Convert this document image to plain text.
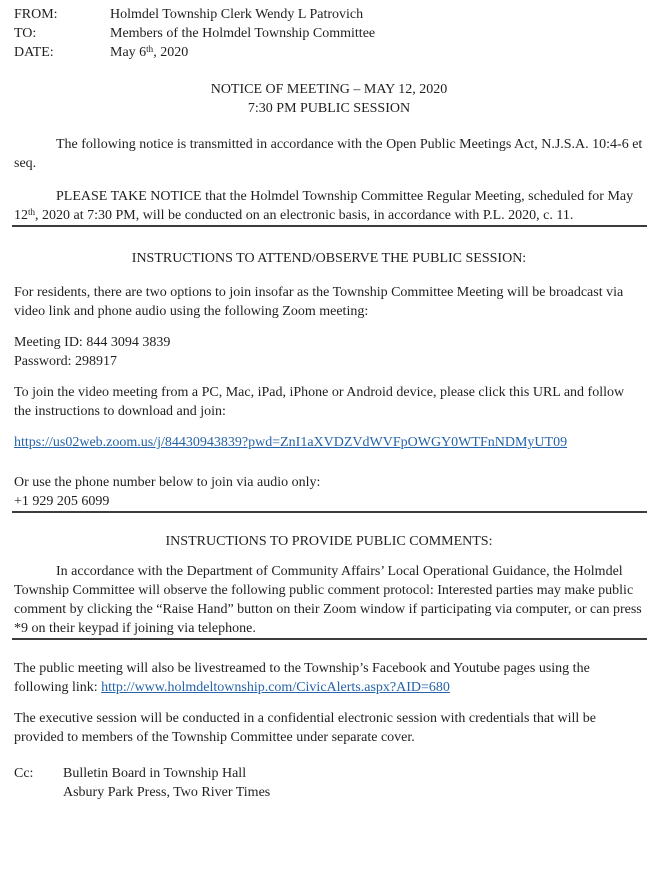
FROM:	Holmdel Township Clerk Wendy L Patrovich
TO:	Members of the Holmdel Township Committee
DATE:	May 6th, 2020
NOTICE OF MEETING – MAY 12, 2020
7:30 PM PUBLIC SESSION

The following notice is transmitted in accordance with the Open Public Meetings Act, N.J.S.A. 10:4-6 et seq.

PLEASE TAKE NOTICE that the Holmdel Township Committee Regular Meeting, scheduled for May 12th, 2020 at 7:30 PM, will be conducted on an electronic basis, in accordance with P.L. 2020, c. 11.

INSTRUCTIONS TO ATTEND/OBSERVE THE PUBLIC SESSION:

For residents, there are two options to join insofar as the Township Committee Meeting will be broadcast via video link and phone audio using the following Zoom meeting:

Meeting ID: 844 3094 3839
Password: 298917

To join the video meeting from a PC, Mac, iPad, iPhone or Android device, please click this URL and follow the instructions to download and join:

https://us02web.zoom.us/j/84430943839?pwd=ZnI1aXVDZVdWVFpOWGY0WTFnNDMyUT09

Or use the phone number below to join via audio only:
+1 929 205 6099
INSTRUCTIONS TO PROVIDE PUBLIC COMMENTS:

In accordance with the Department of Community Affairs’ Local Operational Guidance, the Holmdel Township Committee will observe the following public comment protocol: Interested parties may make public comment by clicking the “Raise Hand” button on their Zoom window if participating via computer, or can press *9 on their keypad if joining via telephone.

The public meeting will also be livestreamed to the Township’s Facebook and Youtube pages using the following link: http://www.holmdeltownship.com/CivicAlerts.aspx?AID=680

The executive session will be conducted in a confidential electronic session with credentials that will be provided to members of the Township Committee under separate cover.

Cc:	Bulletin Board in Township Hall
Asbury Park Press, Two River Times
